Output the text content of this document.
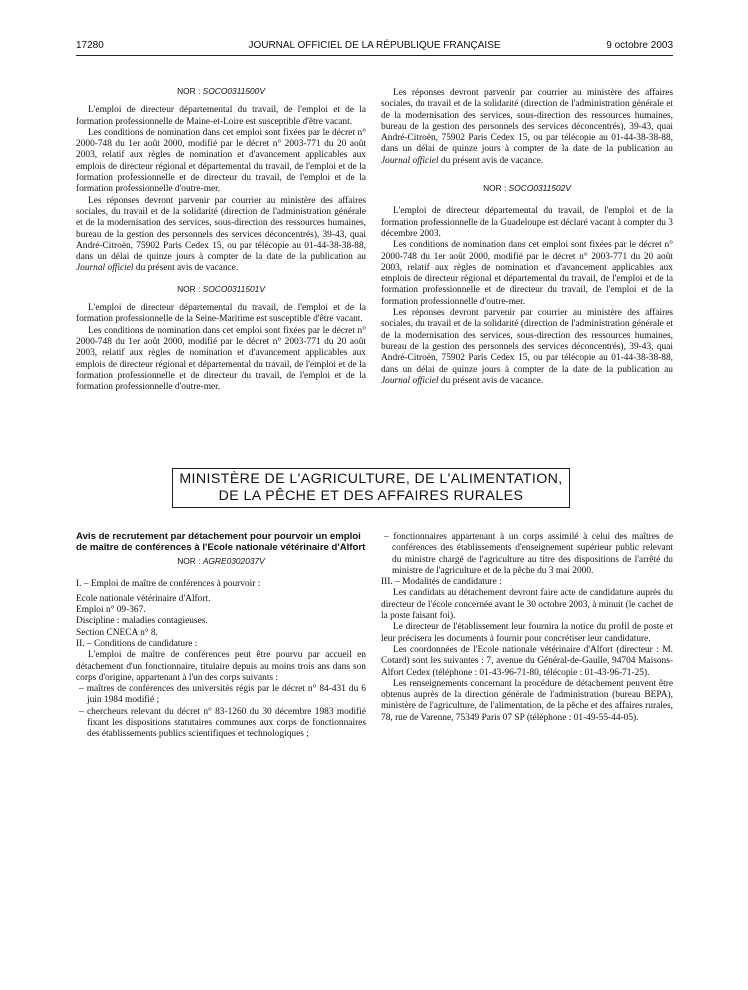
17280	JOURNAL OFFICIEL DE LA RÉPUBLIQUE FRANÇAISE	9 octobre 2003
NOR : SOCO0311500V

L'emploi de directeur départemental du travail, de l'emploi et de la formation professionnelle de Maine-et-Loire est susceptible d'être vacant.

Les conditions de nomination dans cet emploi sont fixées par le décret n° 2000-748 du 1er août 2000, modifié par le décret n° 2003-771 du 20 août 2003, relatif aux règles de nomination et d'avancement applicables aux emplois de directeur régional et départemental du travail, de l'emploi et de la formation professionnelle et de directeur du travail, de l'emploi et de la formation professionnelle d'outre-mer.

Les réponses devront parvenir par courrier au ministère des affaires sociales, du travail et de la solidarité (direction de l'administration générale et de la modernisation des services, sous-direction des ressources humaines, bureau de la gestion des personnels des services déconcentrés), 39-43, quai André-Citroën, 75902 Paris Cedex 15, ou par télécopie au 01-44-38-38-88, dans un délai de quinze jours à compter de la date de la publication au Journal officiel du présent avis de vacance.

NOR : SOCO0311501V

L'emploi de directeur départemental du travail, de l'emploi et de la formation professionnelle de la Seine-Maritime est susceptible d'être vacant.

Les conditions de nomination dans cet emploi sont fixées par le décret n° 2000-748 du 1er août 2000, modifié par le décret n° 2003-771 du 20 août 2003, relatif aux règles de nomination et d'avancement applicables aux emplois de directeur régional et départemental du travail, de l'emploi et de la formation professionnelle et de directeur du travail, de l'emploi et de la formation professionnelle d'outre-mer.

Les réponses devront parvenir par courrier au ministère des affaires sociales, du travail et de la solidarité (direction de l'administration générale et de la modernisation des services, sous-direction des ressources humaines, bureau de la gestion des personnels des services déconcentrés), 39-43, quai André-Citroën, 75902 Paris Cedex 15, ou par télécopie au 01-44-38-38-88, dans un délai de quinze jours à compter de la date de la publication au Journal officiel du présent avis de vacance.

NOR : SOCO0311502V

L'emploi de directeur départemental du travail, de l'emploi et de la formation professionnelle de la Guadeloupe est déclaré vacant à compter du 3 décembre 2003.

Les conditions de nomination dans cet emploi sont fixées par le décret n° 2000-748 du 1er août 2000, modifié par le décret n° 2003-771 du 20 août 2003, relatif aux règles de nomination et d'avancement applicables aux emplois de directeur régional et départemental du travail, de l'emploi et de la formation professionnelle et de directeur du travail, de l'emploi et de la formation professionnelle d'outre-mer.

Les réponses devront parvenir par courrier au ministère des affaires sociales, du travail et de la solidarité (direction de l'administration générale et de la modernisation des services, sous-direction des ressources humaines, bureau de la gestion des personnels des services déconcentrés), 39-43, quai André-Citroën, 75902 Paris Cedex 15, ou par télécopie au 01-44-38-38-88, dans un délai de quinze jours à compter de la date de la publication au Journal officiel du présent avis de vacance.

MINISTÈRE DE L'AGRICULTURE, DE L'ALIMENTATION,
DE LA PÊCHE ET DES AFFAIRES RURALES
Avis de recrutement par détachement pour pourvoir un emploi de maître de conférences à l'Ecole nationale vétérinaire d'Alfort
NOR : AGRE0302037V

I. – Emploi de maître de conférences à pourvoir :

Ecole nationale vétérinaire d'Alfort.

Emploi n° 09-367.

Discipline : maladies contagieuses.

Section CNECA n° 8.

II. – Conditions de candidature :

L'emploi de maître de conférences peut être pourvu par accueil en détachement d'un fonctionnaire, titulaire depuis au moins trois ans dans son corps d'origine, appartenant à l'un des corps suivants :

– maîtres de conférences des universités régis par le décret n° 84-431 du 6 juin 1984 modifié ;

– chercheurs relevant du décret n° 83-1260 du 30 décembre 1983 modifié fixant les dispositions statutaires communes aux corps de fonctionnaires des établissements publics scientifiques et technologiques ;

– fonctionnaires appartenant à un corps assimilé à celui des maîtres de conférences des établissements d'enseignement supérieur public relevant du ministre chargé de l'agriculture au titre des dispositions de l'arrêté du ministre de l'agriculture et de la pêche du 3 mai 2000.

III. – Modalités de candidature :

Les candidats au détachement devront faire acte de candidature auprès du directeur de l'école concernée avant le 30 octobre 2003, à minuit (le cachet de la poste faisant foi).

Le directeur de l'établissement leur fournira la notice du profil de poste et leur précisera les documents à fournir pour concrétiser leur candidature.

Les coordonnées de l'Ecole nationale vétérinaire d'Alfort (directeur : M. Cotard) sont les suivantes : 7, avenue du Général-de-Gaulle, 94704 Maisons-Alfort Cedex (téléphone : 01-43-96-71-80, télécopie : 01-43-96-71-25).

Les renseignements concernant la procédure de détachement peuvent être obtenus auprès de la direction générale de l'administration (bureau BEPA), ministère de l'agriculture, de l'alimentation, de la pêche et des affaires rurales, 78, rue de Varenne, 75349 Paris 07 SP (téléphone : 01-49-55-44-05).
